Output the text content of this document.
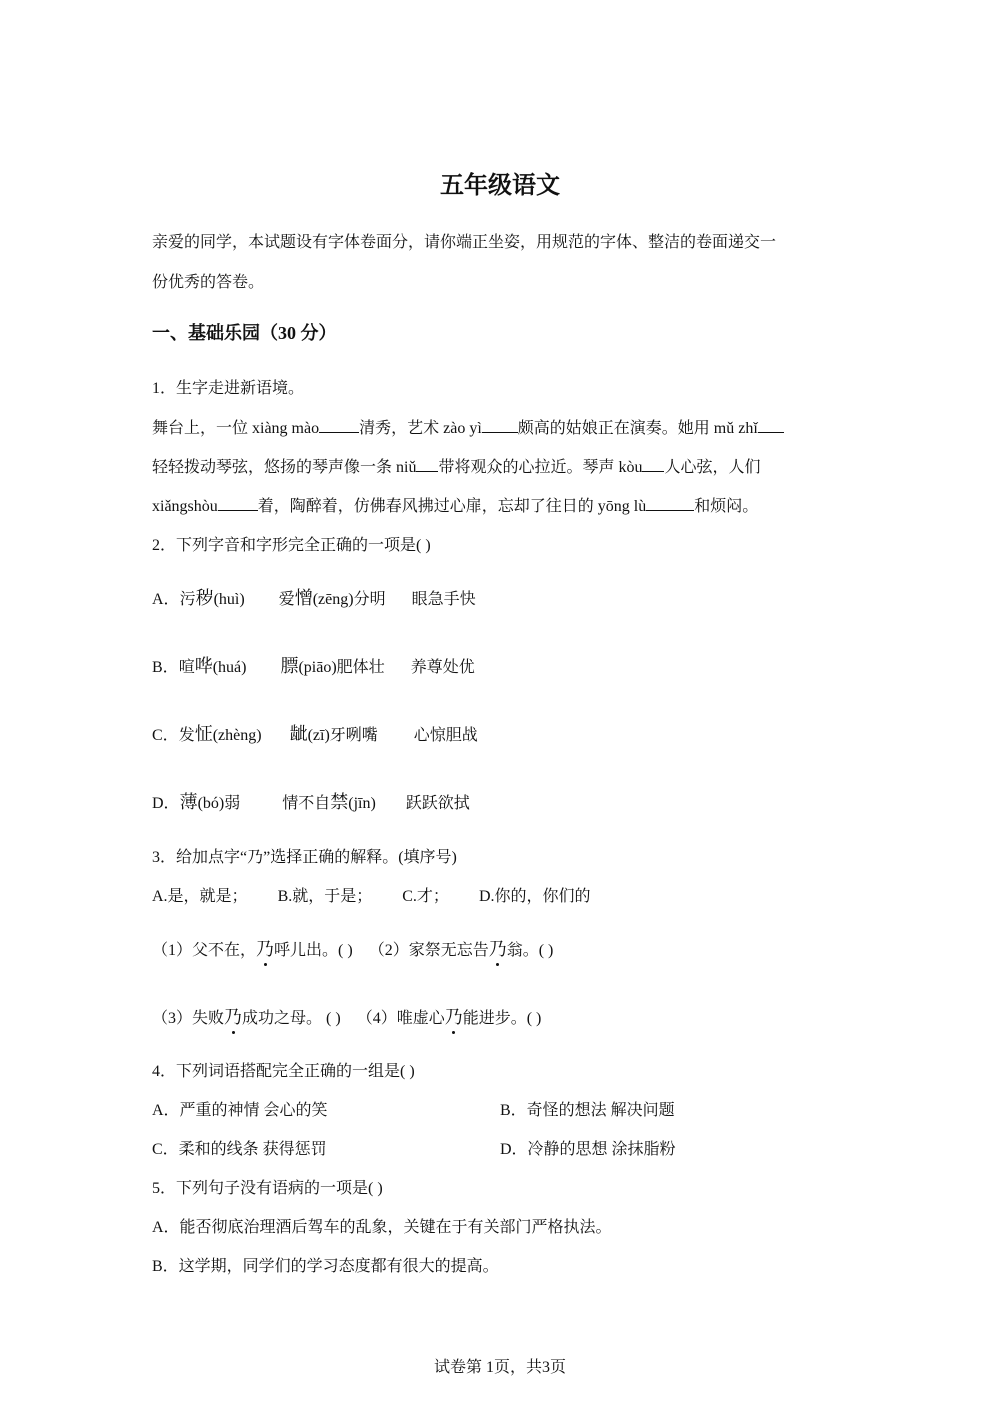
五年级语文
亲爱的同学，本试题设有字体卷面分，请你端正坐姿，用规范的字体、整洁的卷面递交一
份优秀的答卷。
一、基础乐园（30 分）
1．生字走进新语境。
舞台上，一位 xiàng mào	清秀，艺术 zào yì 颇高的姑娘正在演奏。她用 mǔ zhǐ
轻轻拨动琴弦，悠扬的琴声像一条 niǔ 带将观众的心拉近。琴声 kòu 人心弦，人们
xiǎngshòu	着，陶醉着，仿佛春风拂过心扉，忘却了往日的 yōng lù	和烦闷。
2．下列字音和字形完全正确的一项是( )
A．污秽(huì) 爱憎(zēng)分明 眼急手快
B．喧哗(huá) 膘(piāo)肥体壮 养尊处优
C．发怔(zhèng) 龇(zī)牙咧嘴 心惊胆战
D．薄(bó)弱	情不自禁(jīn) 跃跃欲拭
3．给加点字“乃”选择正确的解释。(填序号)
A.是，就是； B.就，于是； C.才； D.你的，你们的
（1）父不在，乃呼儿出。( ) （2）家祭无忘告乃翁。( )
（3）失败乃成功之母。 ( ) （4）唯虚心乃能进步。( )
4．下列词语搭配完全正确的一组是( )
A．严重的神情 会心的笑	B．奇怪的想法 解决问题
C．柔和的线条 获得惩罚	D．冷静的思想 涂抹脂粉
5．下列句子没有语病的一项是( )
A．能否彻底治理酒后驾车的乱象，关键在于有关部门严格执法。
B．这学期，同学们的学习态度都有很大的提高。
试卷第 1页，共3页
